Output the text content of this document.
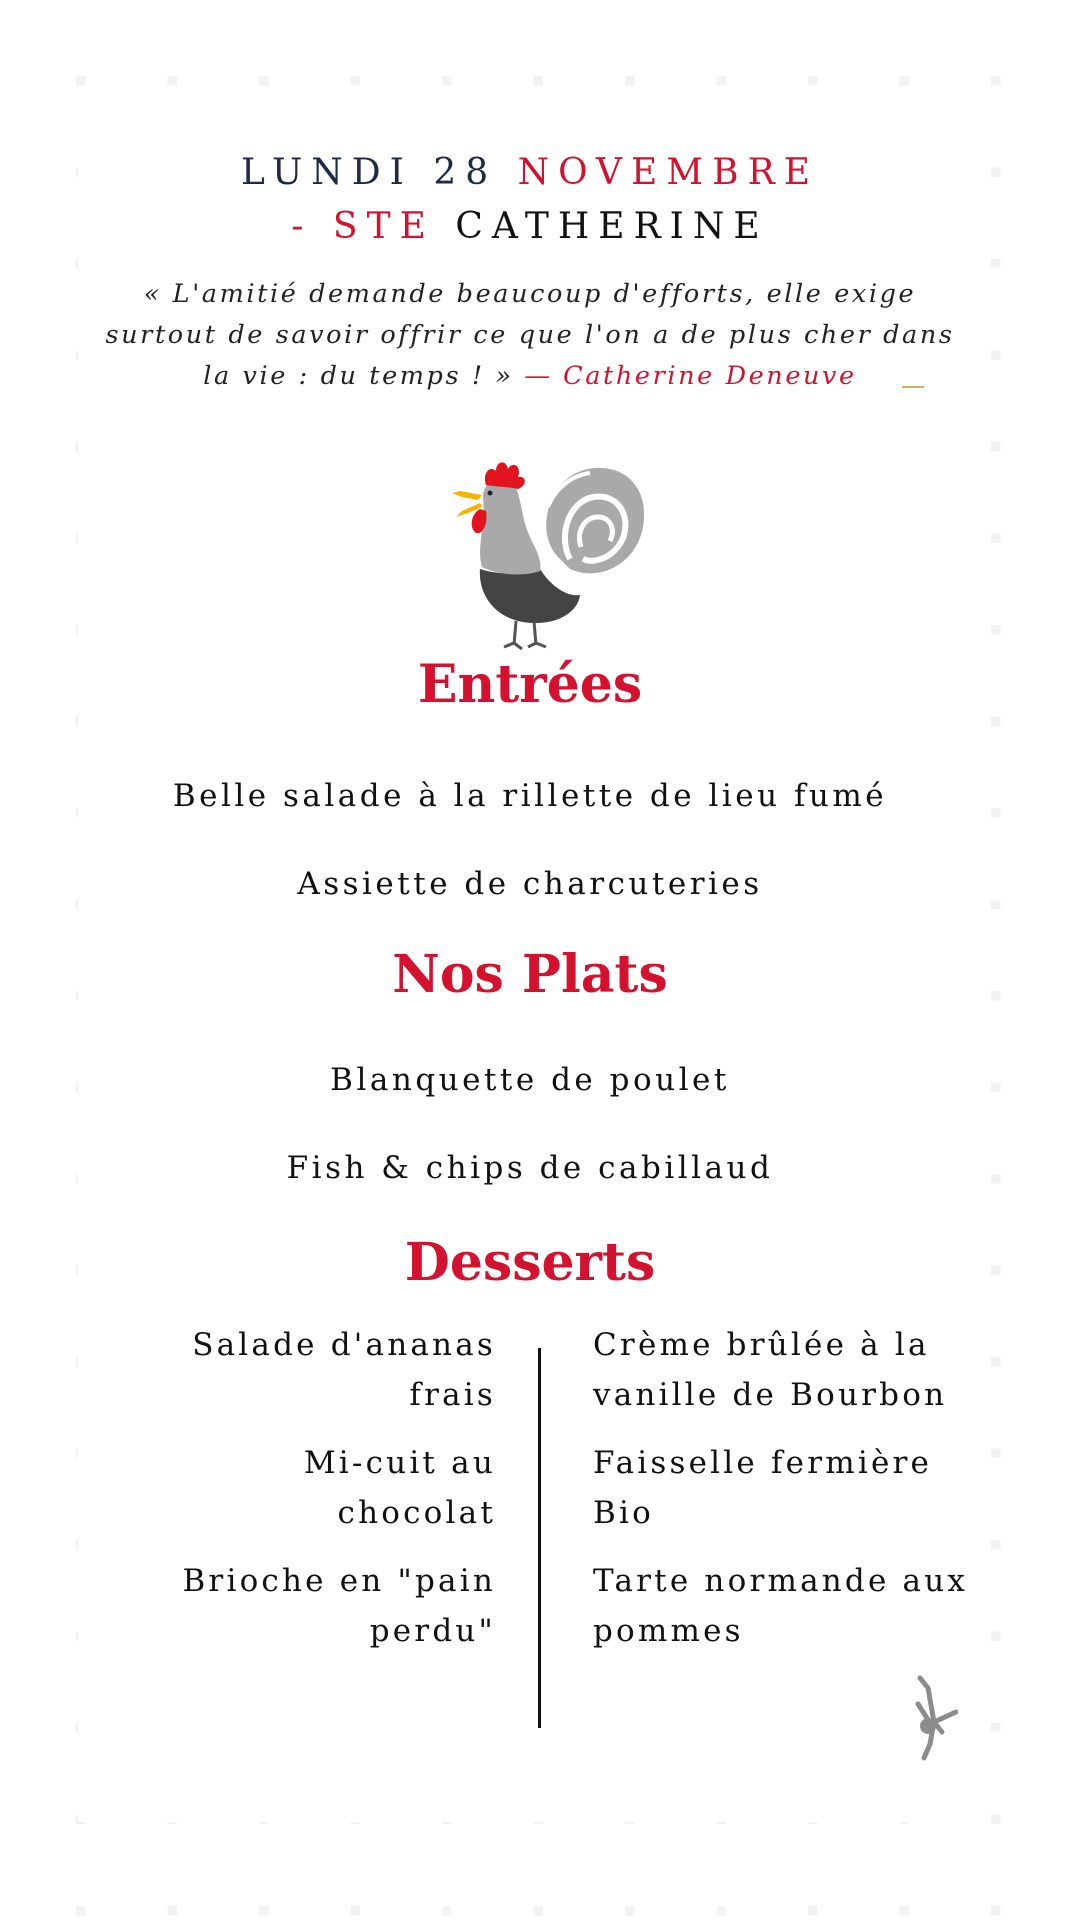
LUNDI 28 NOVEMBRE
- STE CATHERINE
« L'amitié demande beaucoup d'efforts, elle exige surtout de savoir offrir ce que l'on a de plus cher dans la vie : du temps ! » — Catherine Deneuve
Entrées
Belle salade à la rillette de lieu fumé
Assiette de charcuteries
Nos Plats
Blanquette de poulet
Fish & chips de cabillaud
Desserts
Salade d'ananas frais
Mi-cuit au chocolat
Brioche en "pain perdu"
Crème brûlée à la vanille de Bourbon
Faisselle fermière Bio
Tarte normande aux pommes
